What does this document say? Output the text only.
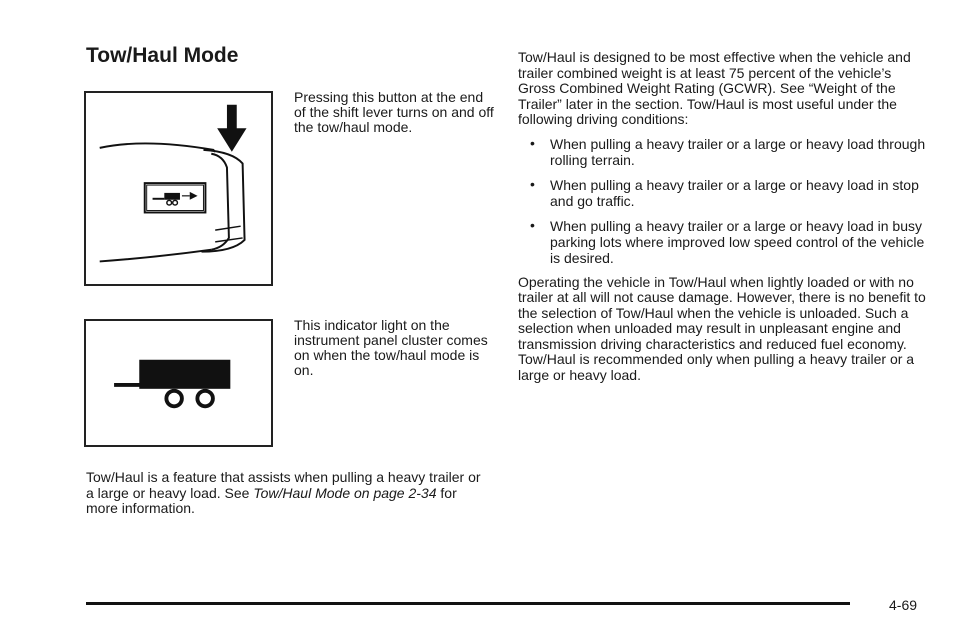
Tow/Haul Mode

Pressing this button at the end of the shift lever turns on and off the tow/haul mode.

This indicator light on the instrument panel cluster comes on when the tow/haul mode is on.

Tow/Haul is a feature that assists when pulling a heavy trailer or a large or heavy load. See Tow/Haul Mode on page 2-34 for more information.

Tow/Haul is designed to be most effective when the vehicle and trailer combined weight is at least 75 percent of the vehicle’s Gross Combined Weight Rating (GCWR). See “Weight of the Trailer” later in the section. Tow/Haul is most useful under the following driving conditions:

• When pulling a heavy trailer or a large or heavy load through rolling terrain.
• When pulling a heavy trailer or a large or heavy load in stop and go traffic.
• When pulling a heavy trailer or a large or heavy load in busy parking lots where improved low speed control of the vehicle is desired.

Operating the vehicle in Tow/Haul when lightly loaded or with no trailer at all will not cause damage. However, there is no benefit to the selection of Tow/Haul when the vehicle is unloaded. Such a selection when unloaded may result in unpleasant engine and transmission driving characteristics and reduced fuel economy. Tow/Haul is recommended only when pulling a heavy trailer or a large or heavy load.

4-69
